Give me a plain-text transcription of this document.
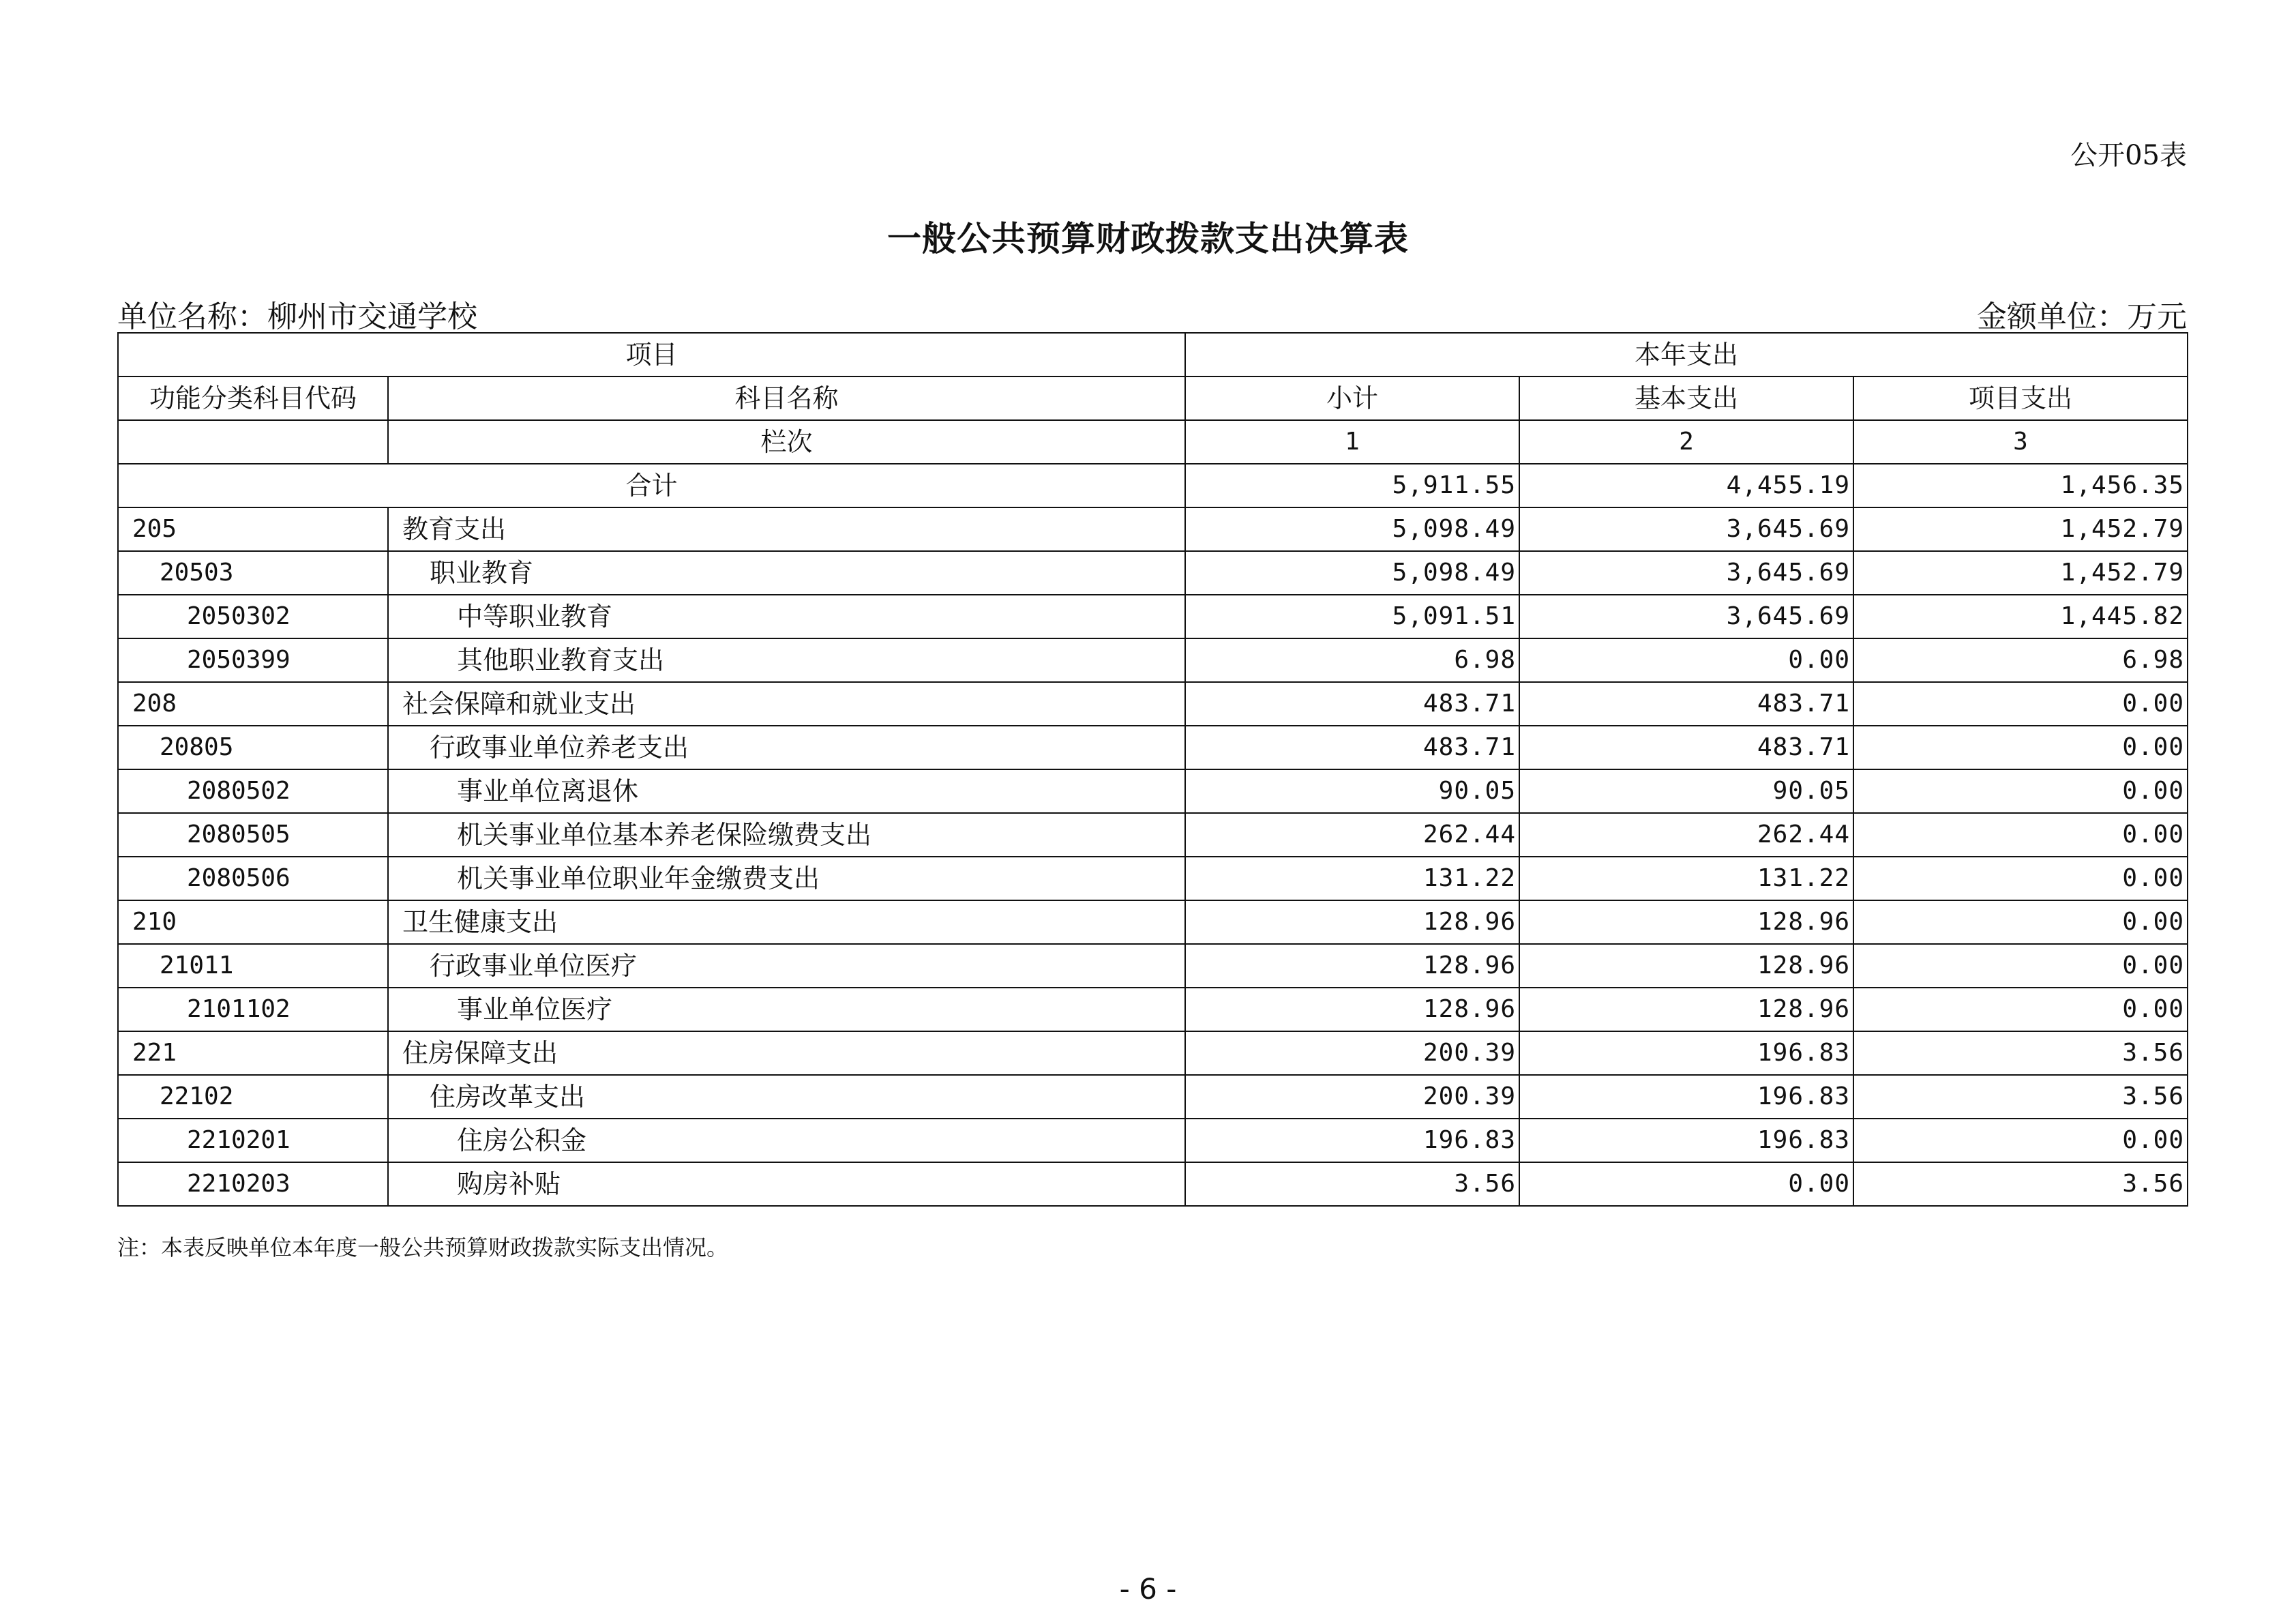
公开05表
一般公共预算财政拨款支出决算表
单位名称：柳州市交通学校	金额单位：万元
项目		本年支出		
功能分类科目代码	科目名称	小计	基本支出	项目支出
	栏次	1	2	3
合计		5,911.55	4,455.19	1,456.35
205	教育支出	5,098.49	3,645.69	1,452.79
20503	职业教育	5,098.49	3,645.69	1,452.79
2050302	中等职业教育	5,091.51	3,645.69	1,445.82
2050399	其他职业教育支出	6.98	0.00	6.98
208	社会保障和就业支出	483.71	483.71	0.00
20805	行政事业单位养老支出	483.71	483.71	0.00
2080502	事业单位离退休	90.05	90.05	0.00
2080505	机关事业单位基本养老保险缴费支出	262.44	262.44	0.00
2080506	机关事业单位职业年金缴费支出	131.22	131.22	0.00
210	卫生健康支出	128.96	128.96	0.00
21011	行政事业单位医疗	128.96	128.96	0.00
2101102	事业单位医疗	128.96	128.96	0.00
221	住房保障支出	200.39	196.83	3.56
22102	住房改革支出	200.39	196.83	3.56
2210201	住房公积金	196.83	196.83	0.00
2210203	购房补贴	3.56	0.00	3.56
注：本表反映单位本年度一般公共预算财政拨款实际支出情况。
- 6 -
